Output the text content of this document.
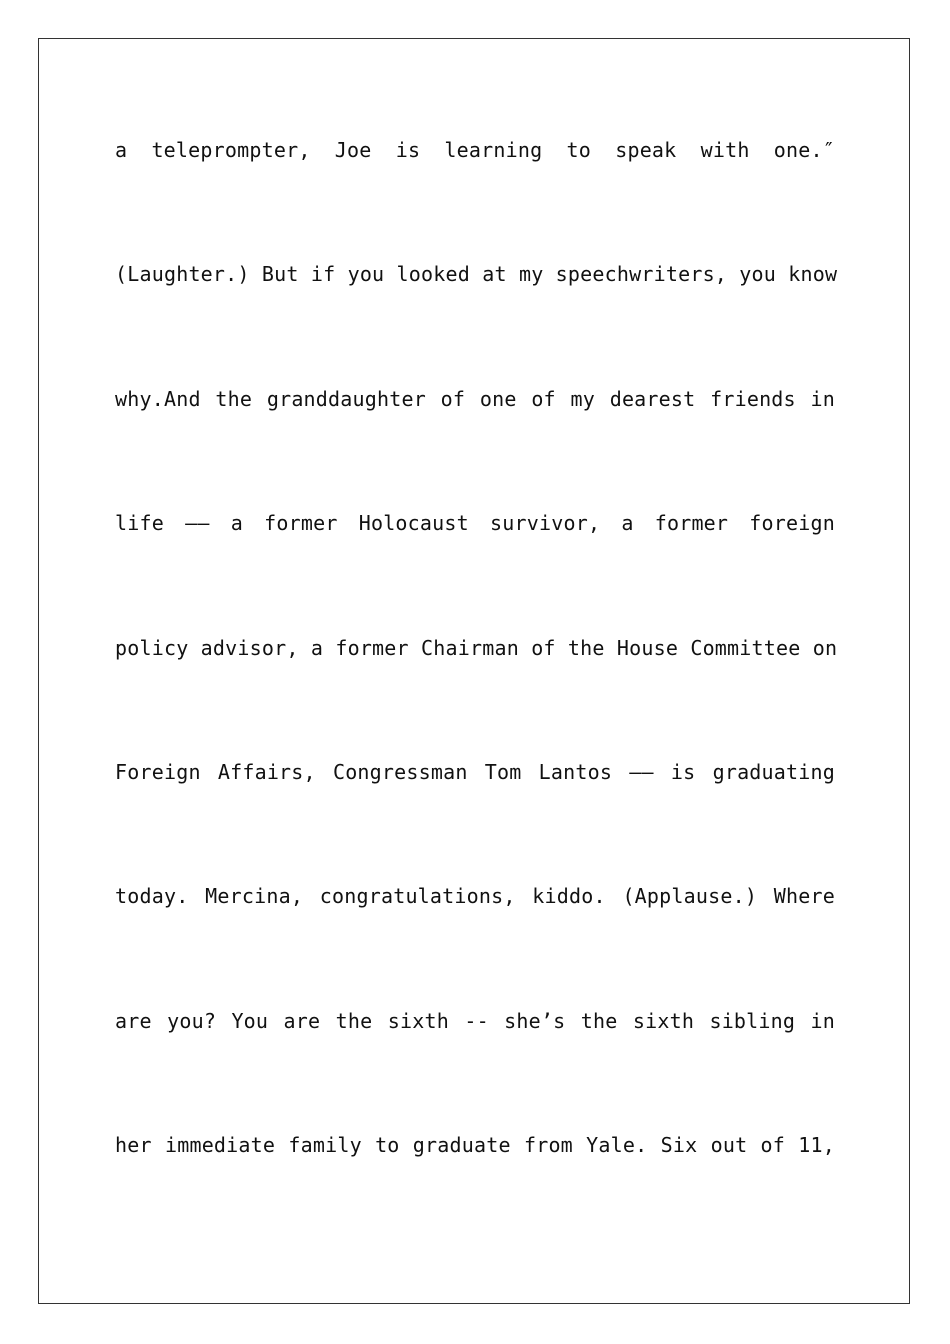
a teleprompter, Joe is learning to speak with one.″
(Laughter.) But if you looked at my speechwriters, you know
why.And the granddaughter of one of my dearest friends in
life —— a former Holocaust survivor, a former foreign
policy advisor, a former Chairman of the House Committee on
Foreign Affairs, Congressman Tom Lantos —— is graduating
today. Mercina, congratulations, kiddo. (Applause.) Where
are you? You are the sixth -- she’s the sixth sibling in
her immediate family to graduate from Yale. Six out of 11,
